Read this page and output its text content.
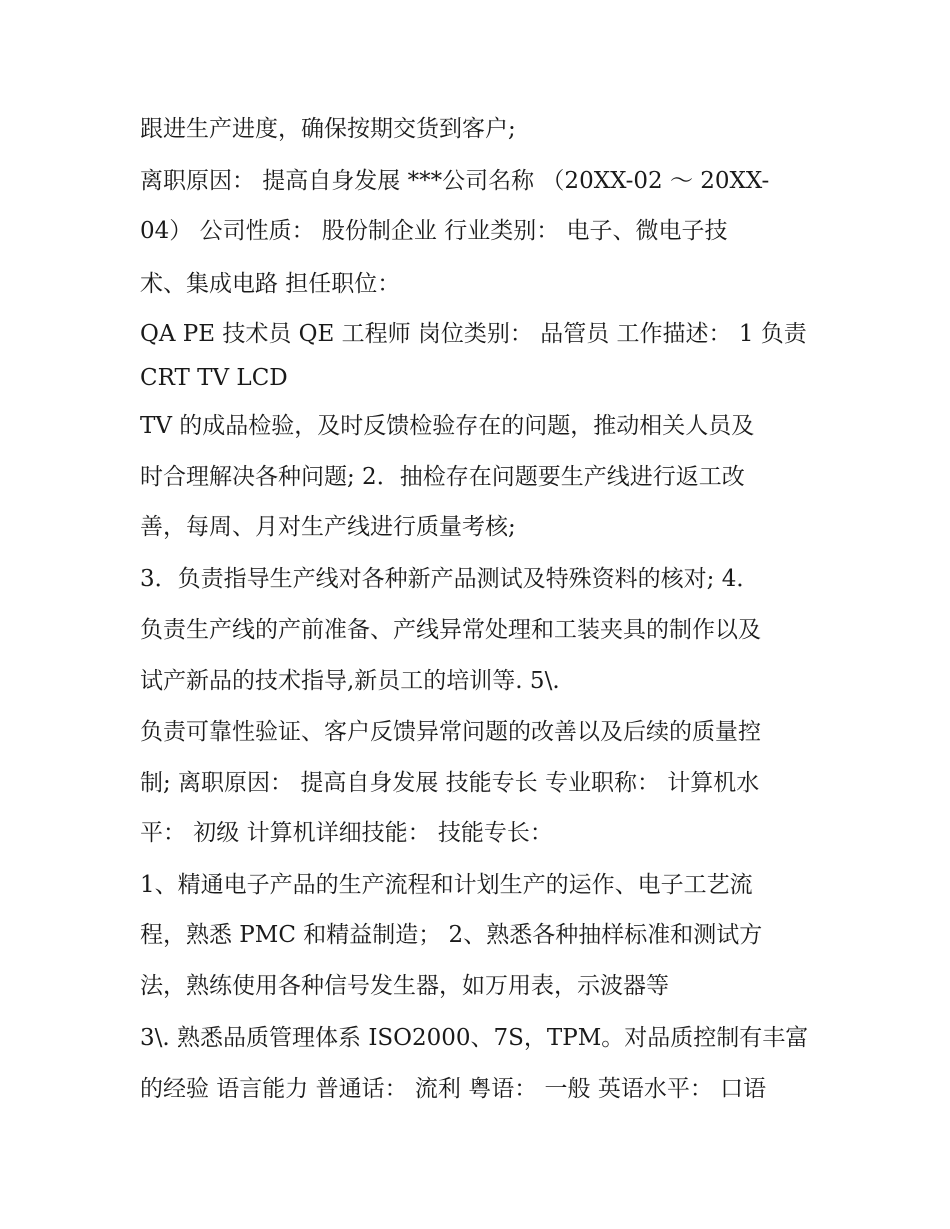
跟进生产进度，确保按期交货到客户;
离职原因： 提高自身发展 ***公司名称 （20XX-02 ～ 20XX-
04） 公司性质： 股份制企业 行业类别： 电子、微电子技
术、集成电路 担任职位：
QA PE 技术员 QE 工程师 岗位类别： 品管员 工作描述： 1 负责
CRT TV LCD
TV 的成品检验，及时反馈检验存在的问题，推动相关人员及
时合理解决各种问题; 2．抽检存在问题要生产线进行返工改
善，每周、月对生产线进行质量考核;
3．负责指导生产线对各种新产品测试及特殊资料的核对; 4．
负责生产线的产前准备、产线异常处理和工装夹具的制作以及
试产新品的技术指导,新员工的培训等. 5\.
负责可靠性验证、客户反馈异常问题的改善以及后续的质量控
制; 离职原因： 提高自身发展 技能专长 专业职称： 计算机水
平： 初级 计算机详细技能： 技能专长：
1、精通电子产品的生产流程和计划生产的运作、电子工艺流
程，熟悉 PMC 和精益制造； 2、熟悉各种抽样标准和测试方
法，熟练使用各种信号发生器，如万用表，示波器等
3\. 熟悉品质管理体系 ISO2000、7S，TPM。对品质控制有丰富
的经验 语言能力 普通话： 流利 粤语： 一般 英语水平： 口语
